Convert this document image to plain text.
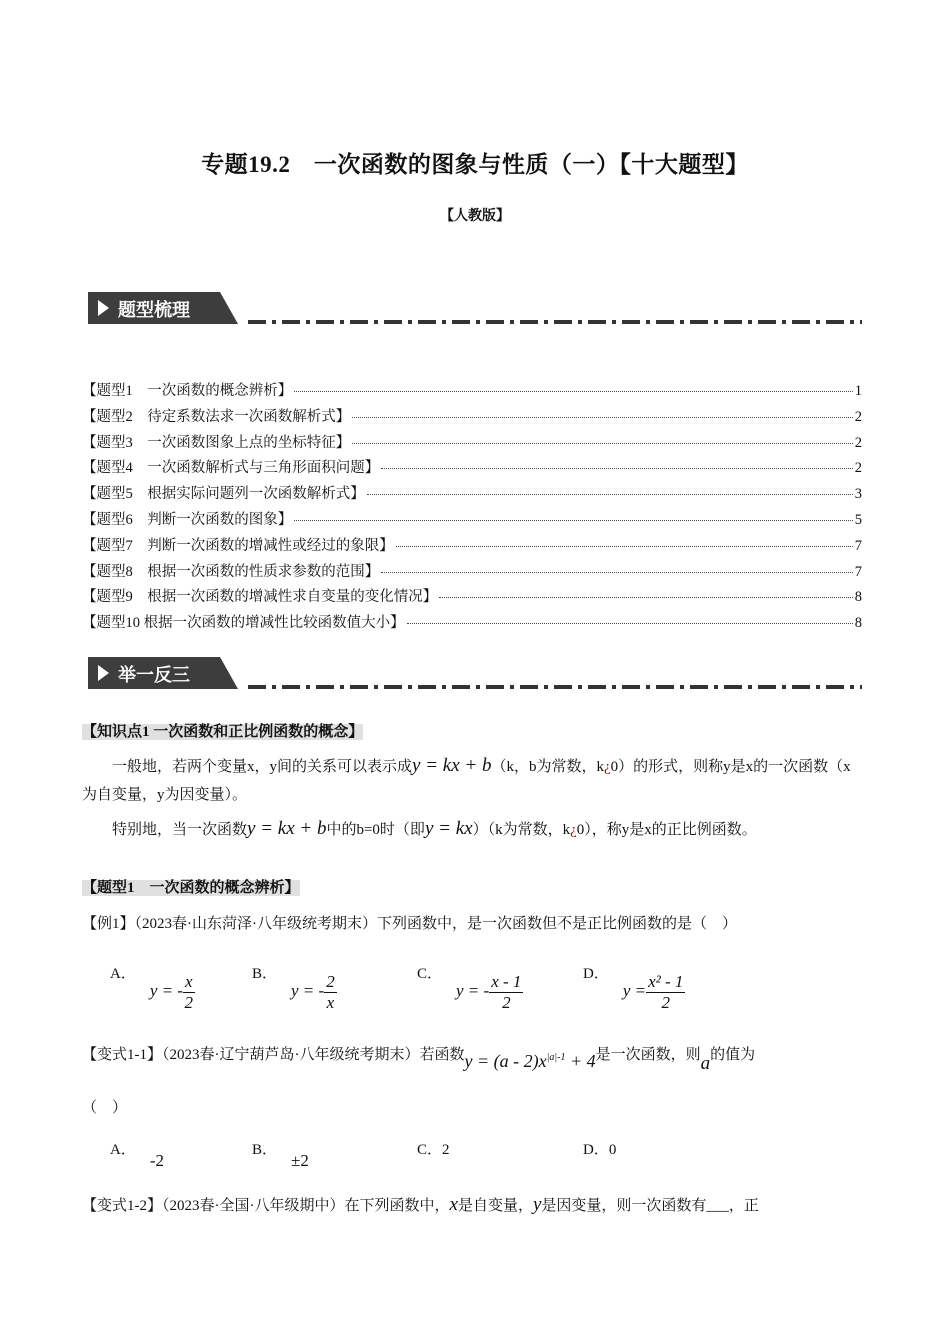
专题19.2　一次函数的图象与性质（一）【十大题型】
【人教版】
题型梳理
举一反三
【知识点1 一次函数和正比例函数的概念】
一般地，若两个变量x，y间的关系可以表示成y = kx + b（k，b为常数，k¿0）的形式，则称y是x的一次函数（x为自变量，y为因变量）。
特别地，当一次函数y = kx + b中的b=0时（即y = kx）（k为常数，k¿0），称y是x的正比例函数。
【题型1　一次函数的概念辨析】
【例1】（2023春·山东菏泽·八年级统考期末）下列函数中，是一次函数但不是正比例函数的是（　）
【变式1-1】（2023春·辽宁葫芦岛·八年级统考期末）若函数$y = (a - 2)x^{|a|-1} + 4$是一次函数，则a的值为
（　）
【变式1-2】（2023春·全国·八年级期中）在下列函数中，x是自变量，y是因变量，则一次函数有___，正
【题型1　一次函数的概念辨析】	1
【题型2　待定系数法求一次函数解析式】	2
【题型3　一次函数图象上点的坐标特征】	2
【题型4　一次函数解析式与三角形面积问题】	2
【题型5　根据实际问题列一次函数解析式】	3
【题型6　判断一次函数的图象】	5
【题型7　判断一次函数的增减性或经过的象限】	7
【题型8　根据一次函数的性质求参数的范围】	7
【题型9　根据一次函数的增减性求自变量的变化情况】	8
【题型10 根据一次函数的增减性比较函数值大小】	8
A．y = - $\frac{x}{2}$	B．y = - $\frac{2}{x}$	C．y = - $\frac{x - 1}{2}$	D．$y = \frac{\text{x² - 1}}{2}$
A．-2
B．±2
C．2	D．0
